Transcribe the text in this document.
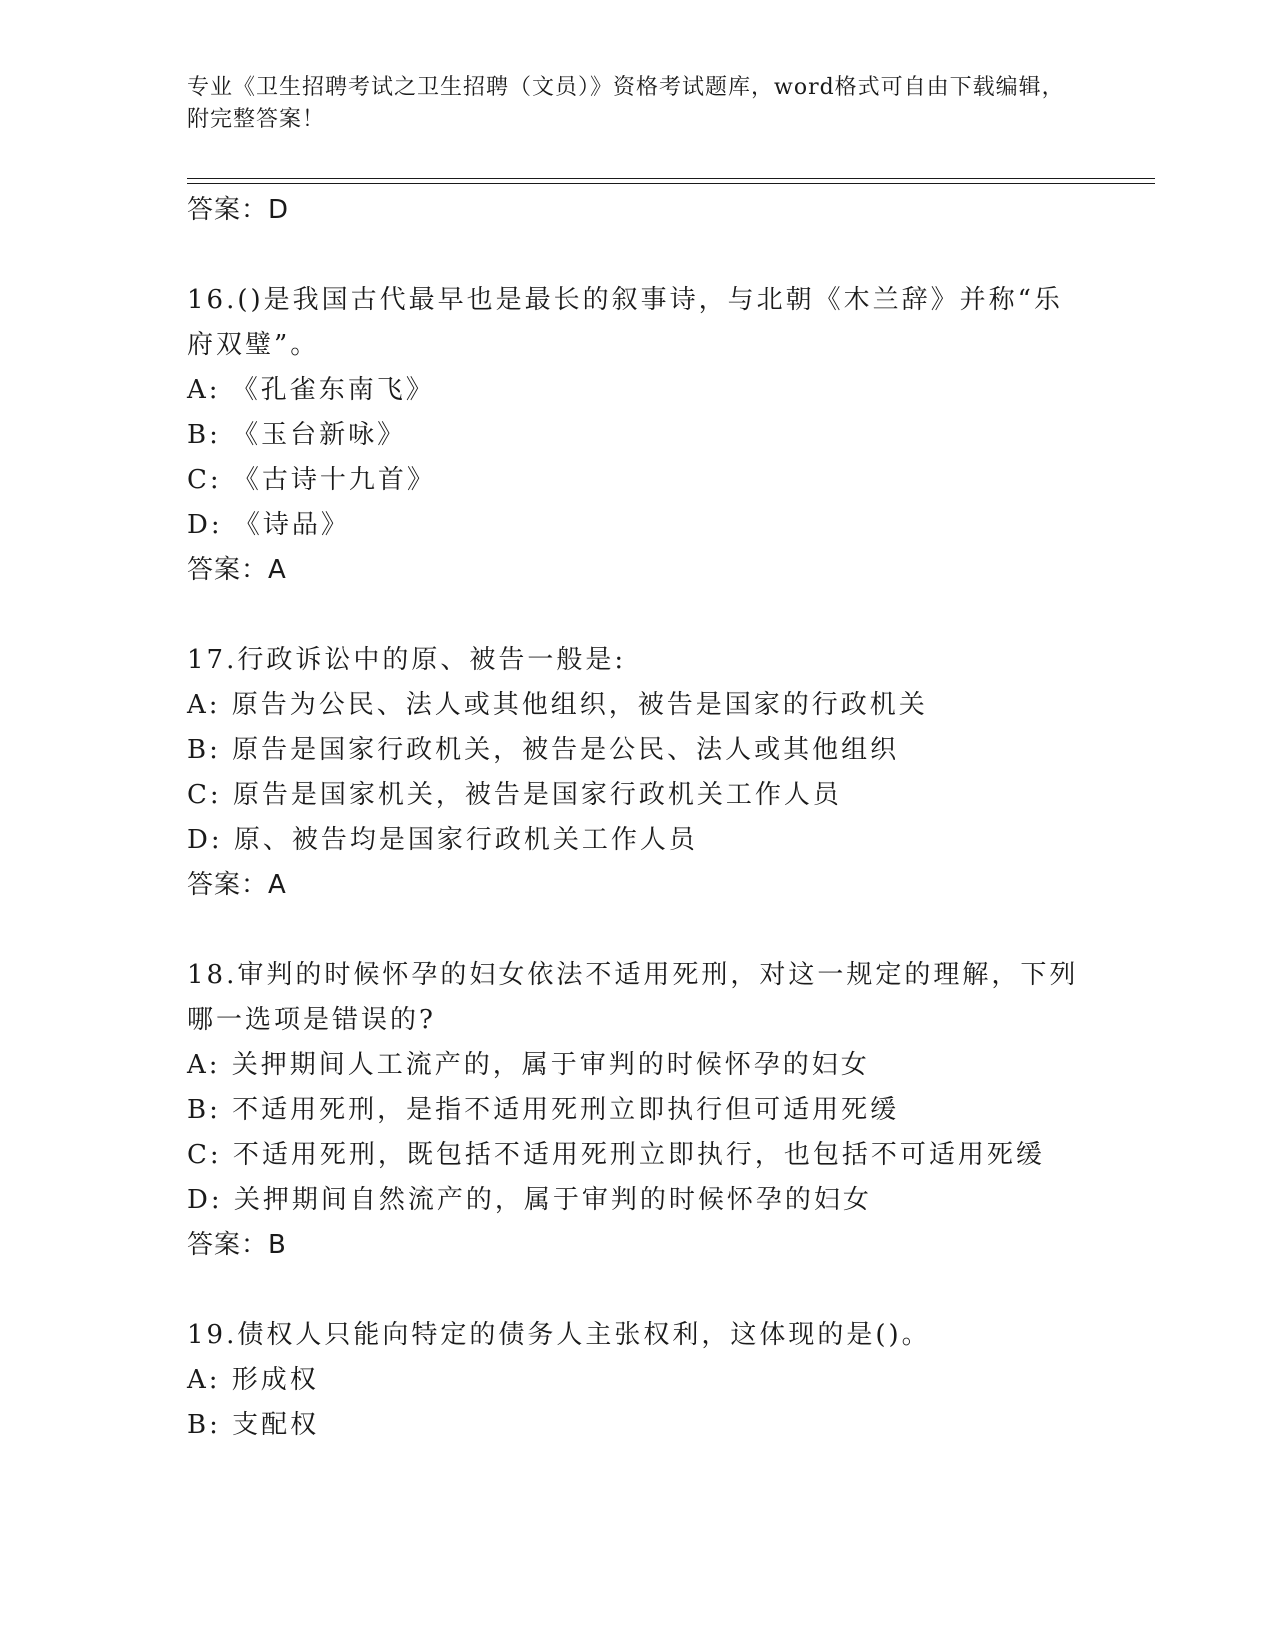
专业《卫生招聘考试之卫生招聘（文员）》资格考试题库，word格式可自由下载编辑，附完整答案！
答案：D
16.()是我国古代最早也是最长的叙事诗，与北朝《木兰辞》并称“乐
府双璧”。
A: 《孔雀东南飞》
B: 《玉台新咏》
C: 《古诗十九首》
D: 《诗品》
答案：A
17.行政诉讼中的原、被告一般是:
A: 原告为公民、法人或其他组织，被告是国家的行政机关
B: 原告是国家行政机关，被告是公民、法人或其他组织
C: 原告是国家机关，被告是国家行政机关工作人员
D: 原、被告均是国家行政机关工作人员
答案：A
18.审判的时候怀孕的妇女依法不适用死刑，对这一规定的理解，下列
哪一选项是错误的?
A: 关押期间人工流产的，属于审判的时候怀孕的妇女
B: 不适用死刑，是指不适用死刑立即执行但可适用死缓
C: 不适用死刑，既包括不适用死刑立即执行，也包括不可适用死缓
D: 关押期间自然流产的，属于审判的时候怀孕的妇女
答案：B
19.债权人只能向特定的债务人主张权利，这体现的是()。
A: 形成权
B: 支配权
